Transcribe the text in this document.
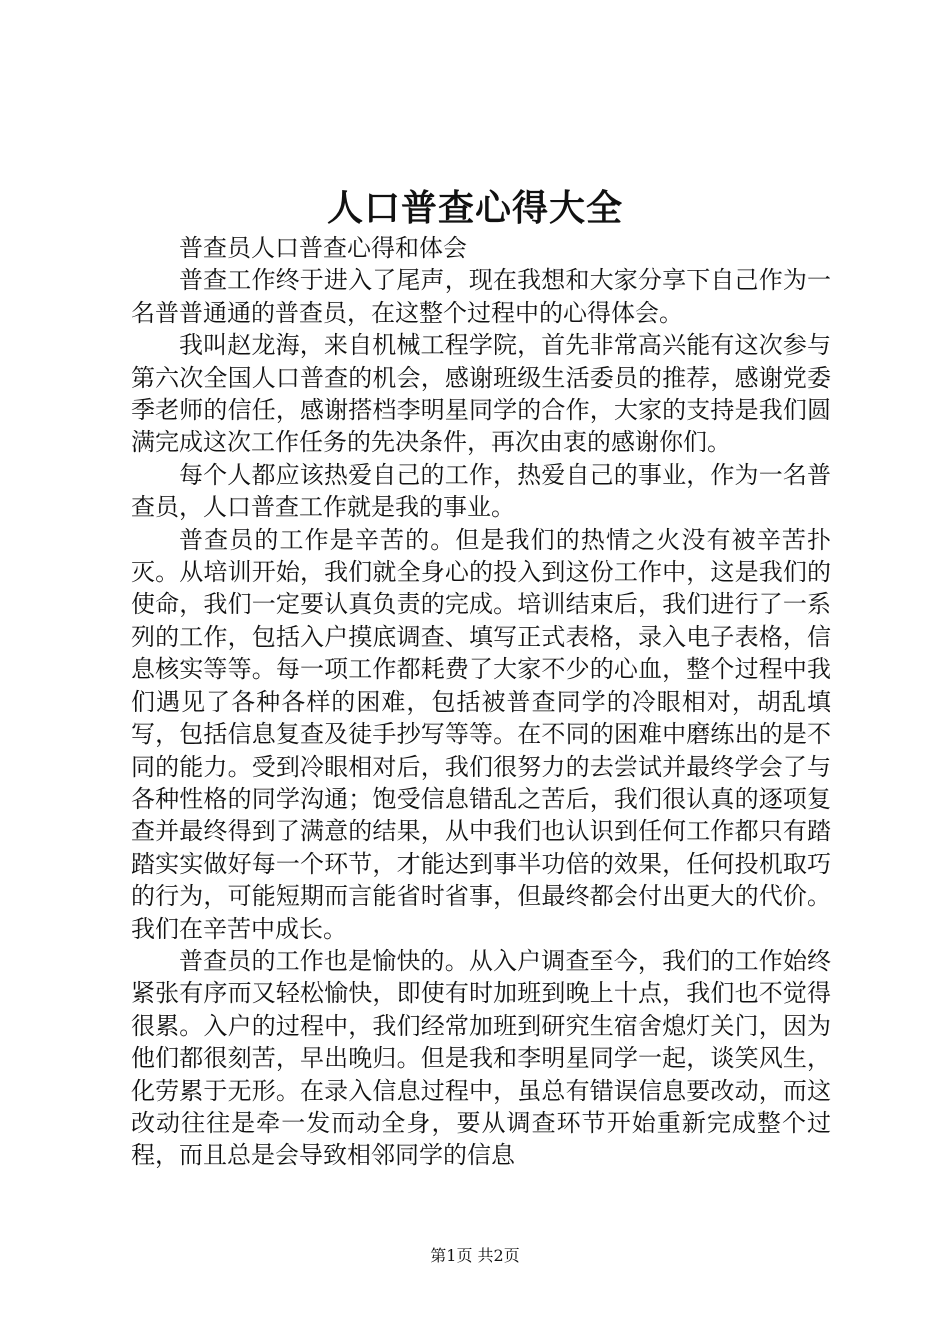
人口普查心得大全

普查员人口普查心得和体会

普查工作终于进入了尾声，现在我想和大家分享下自己作为一名普普通通的普查员，在这整个过程中的心得体会。

我叫赵龙海，来自机械工程学院，首先非常高兴能有这次参与第六次全国人口普查的机会，感谢班级生活委员的推荐，感谢党委季老师的信任，感谢搭档李明星同学的合作，大家的支持是我们圆满完成这次工作任务的先决条件，再次由衷的感谢你们。

每个人都应该热爱自己的工作，热爱自己的事业，作为一名普查员，人口普查工作就是我的事业。

普查员的工作是辛苦的。但是我们的热情之火没有被辛苦扑灭。从培训开始，我们就全身心的投入到这份工作中，这是我们的使命，我们一定要认真负责的完成。培训结束后，我们进行了一系列的工作，包括入户摸底调查、填写正式表格，录入电子表格，信息核实等等。每一项工作都耗费了大家不少的心血，整个过程中我们遇见了各种各样的困难，包括被普查同学的冷眼相对，胡乱填写，包括信息复查及徒手抄写等等。在不同的困难中磨练出的是不同的能力。受到冷眼相对后，我们很努力的去尝试并最终学会了与各种性格的同学沟通；饱受信息错乱之苦后，我们很认真的逐项复查并最终得到了满意的结果，从中我们也认识到任何工作都只有踏踏实实做好每一个环节，才能达到事半功倍的效果，任何投机取巧的行为，可能短期而言能省时省事，但最终都会付出更大的代价。我们在辛苦中成长。

普查员的工作也是愉快的。从入户调查至今，我们的工作始终紧张有序而又轻松愉快，即使有时加班到晚上十点，我们也不觉得很累。入户的过程中，我们经常加班到研究生宿舍熄灯关门，因为他们都很刻苦，早出晚归。但是我和李明星同学一起，谈笑风生，化劳累于无形。在录入信息过程中，虽总有错误信息要改动，而这改动往往是牵一发而动全身，要从调查环节开始重新完成整个过程，而且总是会导致相邻同学的信息

第1页 共2页
